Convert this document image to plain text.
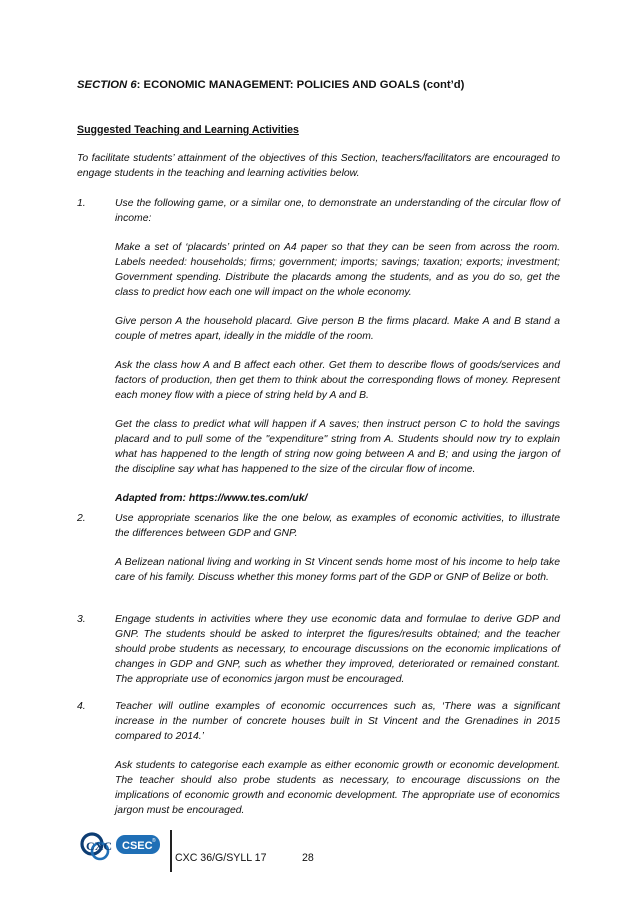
SECTION 6: ECONOMIC MANAGEMENT: POLICIES AND GOALS (cont’d)
Suggested Teaching and Learning Activities

To facilitate students’ attainment of the objectives of this Section, teachers/facilitators are encouraged to engage students in the teaching and learning activities below.

1.	Use the following game, or a similar one, to demonstrate an understanding of the circular flow of income:

Make a set of ‘placards’ printed on A4 paper so that they can be seen from across the room. Labels needed: households; firms; government; imports; savings; taxation; exports; investment; Government spending. Distribute the placards among the students, and as you do so, get the class to predict how each one will impact on the whole economy.

Give person A the household placard. Give person B the firms placard. Make A and B stand a couple of metres apart, ideally in the middle of the room.

Ask the class how A and B affect each other. Get them to describe flows of goods/services and factors of production, then get them to think about the corresponding flows of money. Represent each money flow with a piece of string held by A and B.

Get the class to predict what will happen if A saves; then instruct person C to hold the savings placard and to pull some of the "expenditure" string from A. Students should now try to explain what has happened to the length of string now going between A and B; and using the jargon of the discipline say what has happened to the size of the circular flow of income.

Adapted from: https://www.tes.com/uk/

2.	Use appropriate scenarios like the one below, as examples of economic activities, to illustrate the differences between GDP and GNP.

A Belizean national living and working in St Vincent sends home most of his income to help take care of his family. Discuss whether this money forms part of the GDP or GNP of Belize or both.

3.	Engage students in activities where they use economic data and formulae to derive GDP and GNP. The students should be asked to interpret the figures/results obtained; and the teacher should probe students as necessary, to encourage discussions on the economic implications of changes in GDP and GNP, such as whether they improved, deteriorated or remained constant. The appropriate use of economics jargon must be encouraged.

4.	Teacher will outline examples of economic occurrences such as, ‘There was a significant increase in the number of concrete houses built in St Vincent and the Grenadines in 2015 compared to 2014.’

Ask students to categorise each example as either economic growth or economic development. The teacher should also probe students as necessary, to encourage discussions on the implications of economic growth and economic development. The appropriate use of economics jargon must be encouraged.

CXC CSEC ®
CXC 36/G/SYLL 17	28
